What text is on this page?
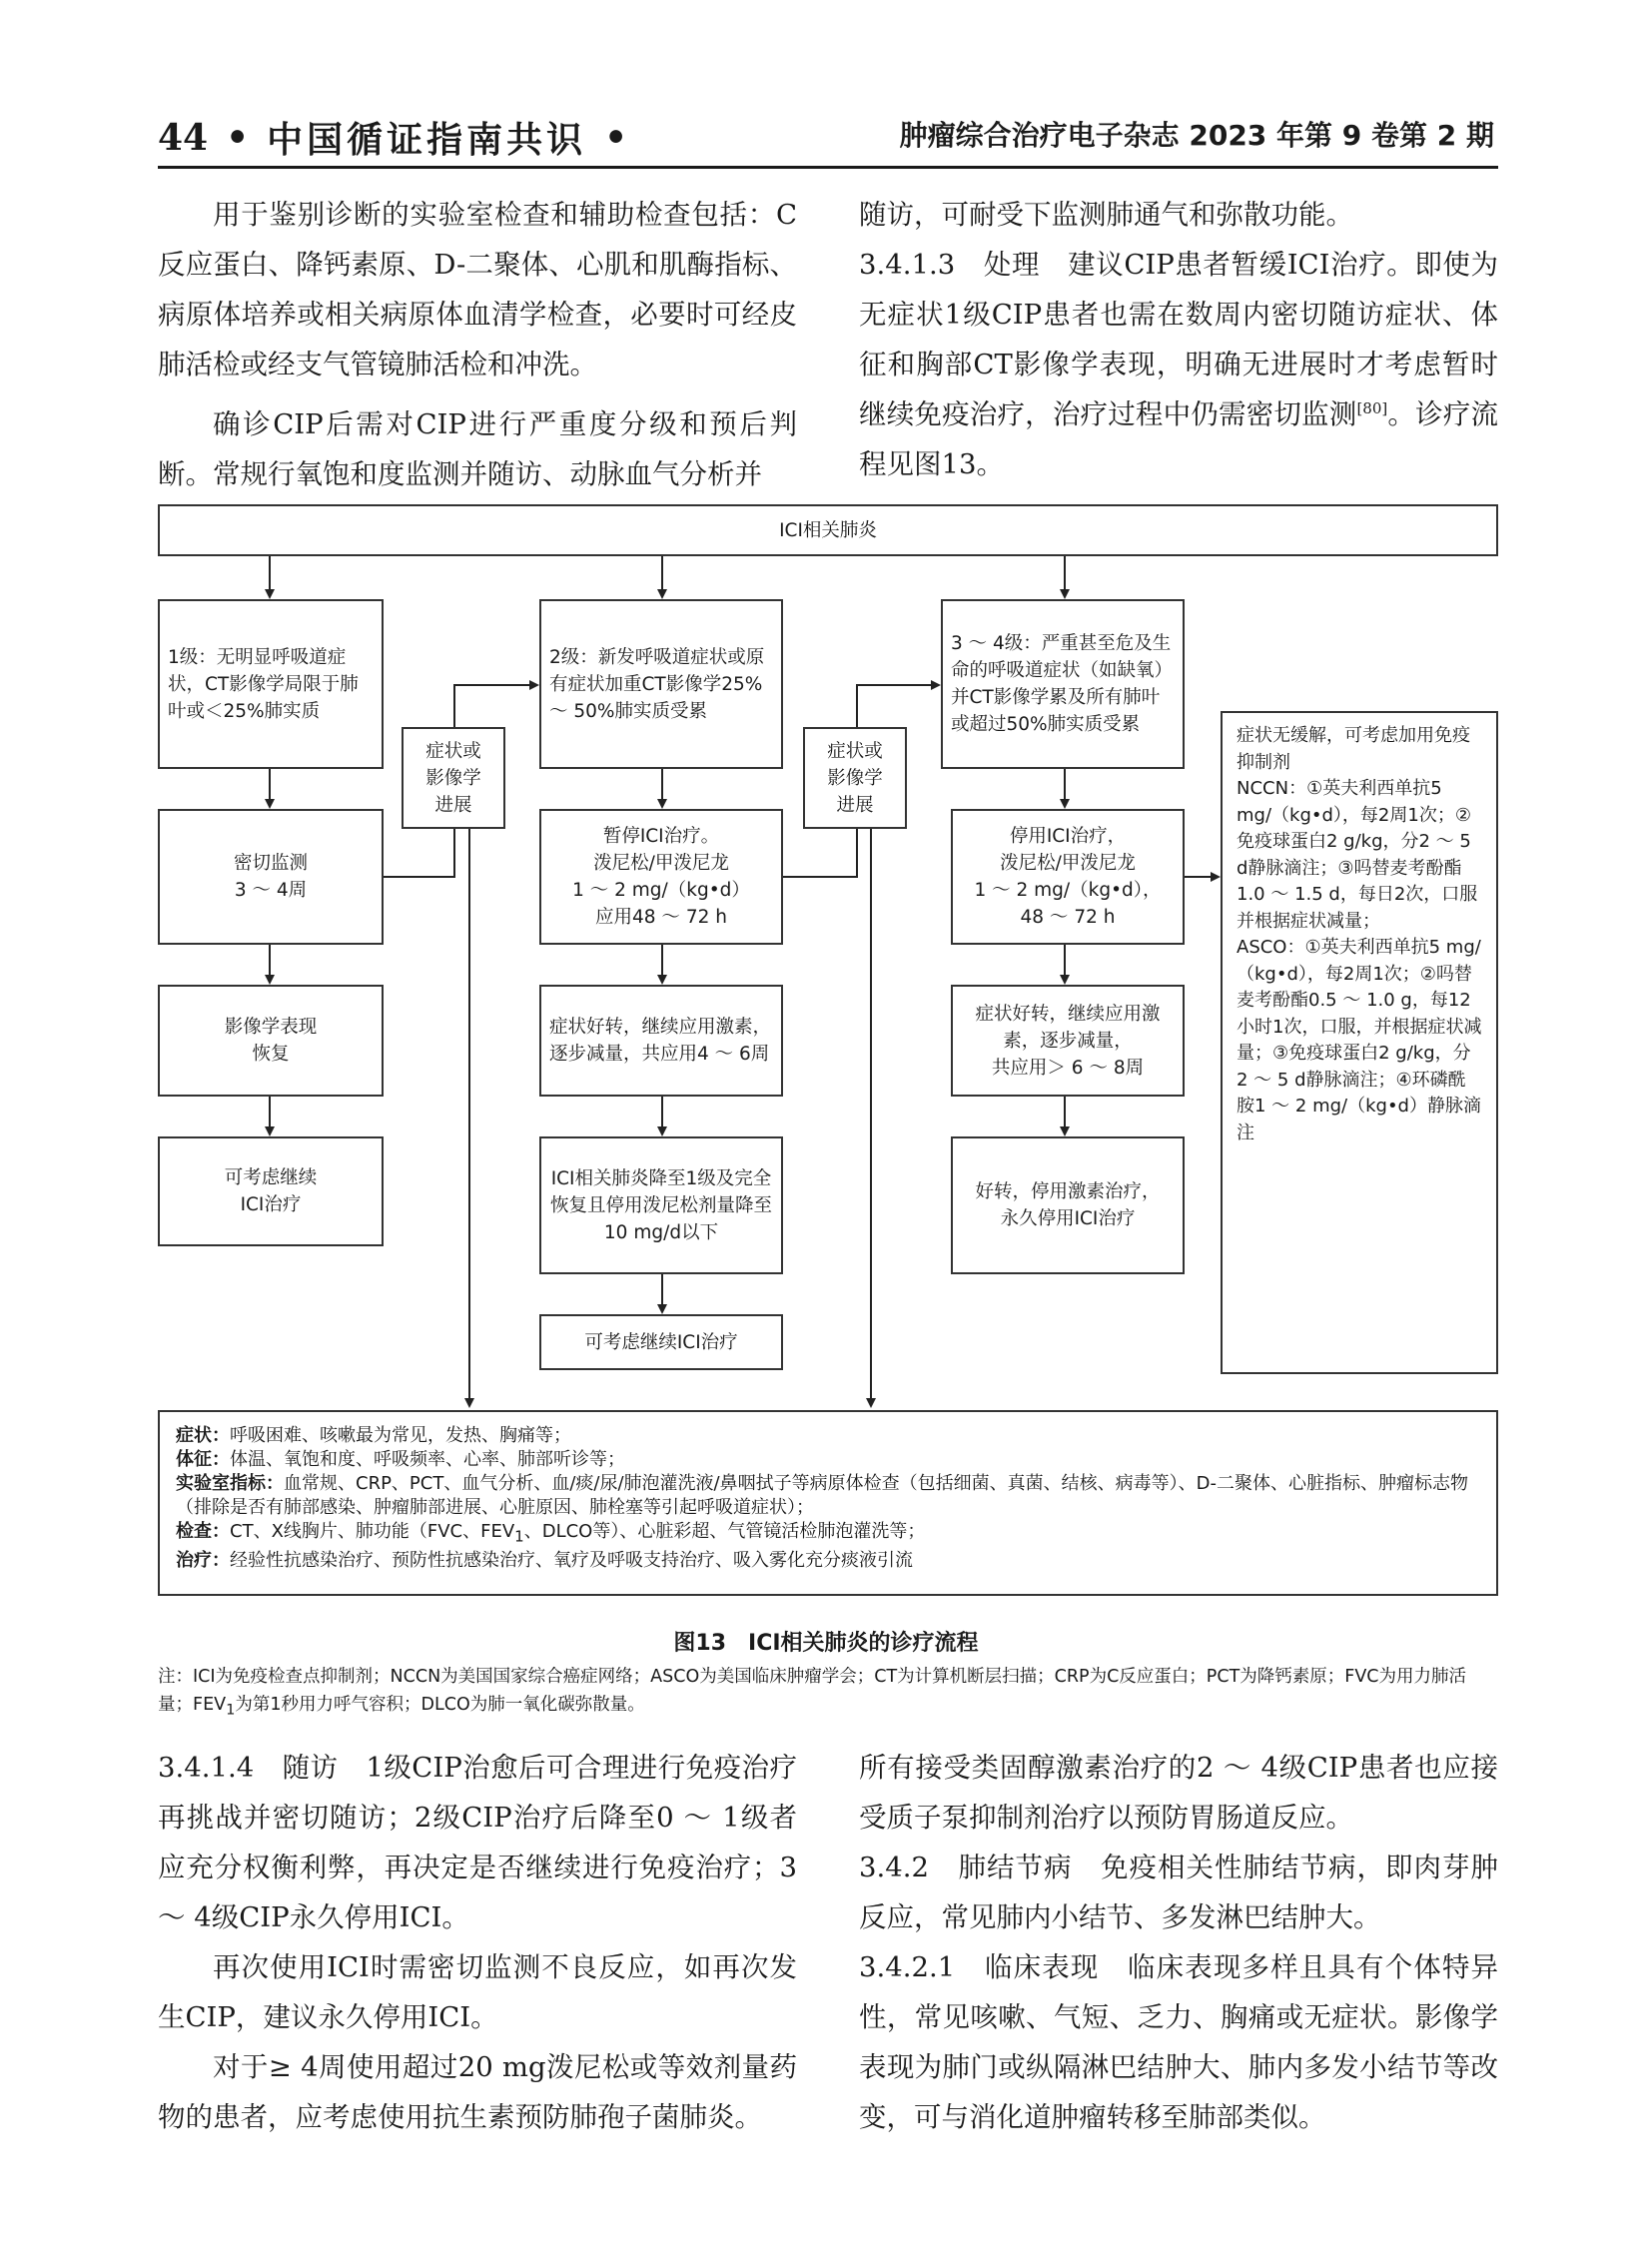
44 • 中国循证指南共识 •	肿瘤综合治疗电子杂志 2023 年第 9 卷第 2 期

用于鉴别诊断的实验室检查和辅助检查包括：C反应蛋白、降钙素原、D-二聚体、心肌和肌酶指标、病原体培养或相关病原体血清学检查，必要时可经皮肺活检或经支气管镜肺活检和冲洗。

确诊CIP后需对CIP进行严重度分级和预后判断。常规行氧饱和度监测并随访、动脉血气分析并

随访，可耐受下监测肺通气和弥散功能。

3.4.1.3　处理　建议CIP患者暂缓ICI治疗。即使为无症状1级CIP患者也需在数周内密切随访症状、体征和胸部CT影像学表现，明确无进展时才考虑暂时继续免疫治疗，治疗过程中仍需密切监测[80]。诊疗流程见图13。

ICI相关肺炎
1级：无明显呼吸道症状，CT影像学局限于肺叶或＜25%肺实质
密切监测
3 ～ 4周
影像学表现
恢复
可考虑继续
ICI治疗
症状或
影像学
进展
2级：新发呼吸道症状或原有症状加重CT影像学25% ～ 50%肺实质受累
暂停ICI治疗。
泼尼松/甲泼尼龙
1 ～ 2 mg/（kg•d）
应用48 ～ 72 h
症状好转，继续应用激素，逐步减量，共应用4 ～ 6周
ICI相关肺炎降至1级及完全恢复且停用泼尼松剂量降至
10 mg/d以下
可考虑继续ICI治疗
症状或
影像学
进展
3 ～ 4级：严重甚至危及生命的呼吸道症状（如缺氧）并CT影像学累及所有肺叶或超过50%肺实质受累
停用ICI治疗，
泼尼松/甲泼尼龙
1 ～ 2 mg/（kg•d），
48 ～ 72 h
症状好转，继续应用激素，逐步减量，
共应用＞ 6 ～ 8周
好转，停用激素治疗，
永久停用ICI治疗
症状无缓解，可考虑加用免疫抑制剂
NCCN：①英夫利西单抗5 mg/（kg•d），每2周1次；②免疫球蛋白2 g/kg，分2 ～ 5 d静脉滴注；③吗替麦考酚酯1.0 ～ 1.5 d，每日2次，口服并根据症状减量；
ASCO：①英夫利西单抗5 mg/（kg•d），每2周1次；②吗替麦考酚酯0.5 ～ 1.0 g，每12小时1次，口服，并根据症状减量；③免疫球蛋白2 g/kg，分2 ～ 5 d静脉滴注；④环磷酰胺1 ～ 2 mg/（kg•d）静脉滴注
症状：呼吸困难、咳嗽最为常见，发热、胸痛等；
体征：体温、氧饱和度、呼吸频率、心率、肺部听诊等；
实验室指标：血常规、CRP、PCT、血气分析、血/痰/尿/肺泡灌洗液/鼻咽拭子等病原体检查（包括细菌、真菌、结核、病毒等）、D-二聚体、心脏指标、肿瘤标志物（排除是否有肺部感染、肿瘤肺部进展、心脏原因、肺栓塞等引起呼吸道症状）；
检查：CT、X线胸片、肺功能（FVC、$FEV_1$、DLCO等）、心脏彩超、气管镜活检肺泡灌洗等；
治疗：经验性抗感染治疗、预防性抗感染治疗、氧疗及呼吸支持治疗、吸入雾化充分痰液引流
图13　ICI相关肺炎的诊疗流程
注：ICI为免疫检查点抑制剂；NCCN为美国国家综合癌症网络；ASCO为美国临床肿瘤学会；CT为计算机断层扫描；CRP为C反应蛋白；PCT为降钙素原；FVC为用力肺活量；$FEV_1$为第1秒用力呼气容积；DLCO为肺一氧化碳弥散量。

3.4.1.4　随访　1级CIP治愈后可合理进行免疫治疗再挑战并密切随访；2级CIP治疗后降至0 ～ 1级者应充分权衡利弊，再决定是否继续进行免疫治疗；3 ～ 4级CIP永久停用ICI。

再次使用ICI时需密切监测不良反应，如再次发生CIP，建议永久停用ICI。

对于≥ 4周使用超过20 mg泼尼松或等效剂量药物的患者，应考虑使用抗生素预防肺孢子菌肺炎。

所有接受类固醇激素治疗的2 ～ 4级CIP患者也应接受质子泵抑制剂治疗以预防胃肠道反应。

3.4.2　肺结节病　免疫相关性肺结节病，即肉芽肿反应，常见肺内小结节、多发淋巴结肿大。

3.4.2.1　临床表现　临床表现多样且具有个体特异性，常见咳嗽、气短、乏力、胸痛或无症状。影像学表现为肺门或纵隔淋巴结肿大、肺内多发小结节等改变，可与消化道肿瘤转移至肺部类似。
